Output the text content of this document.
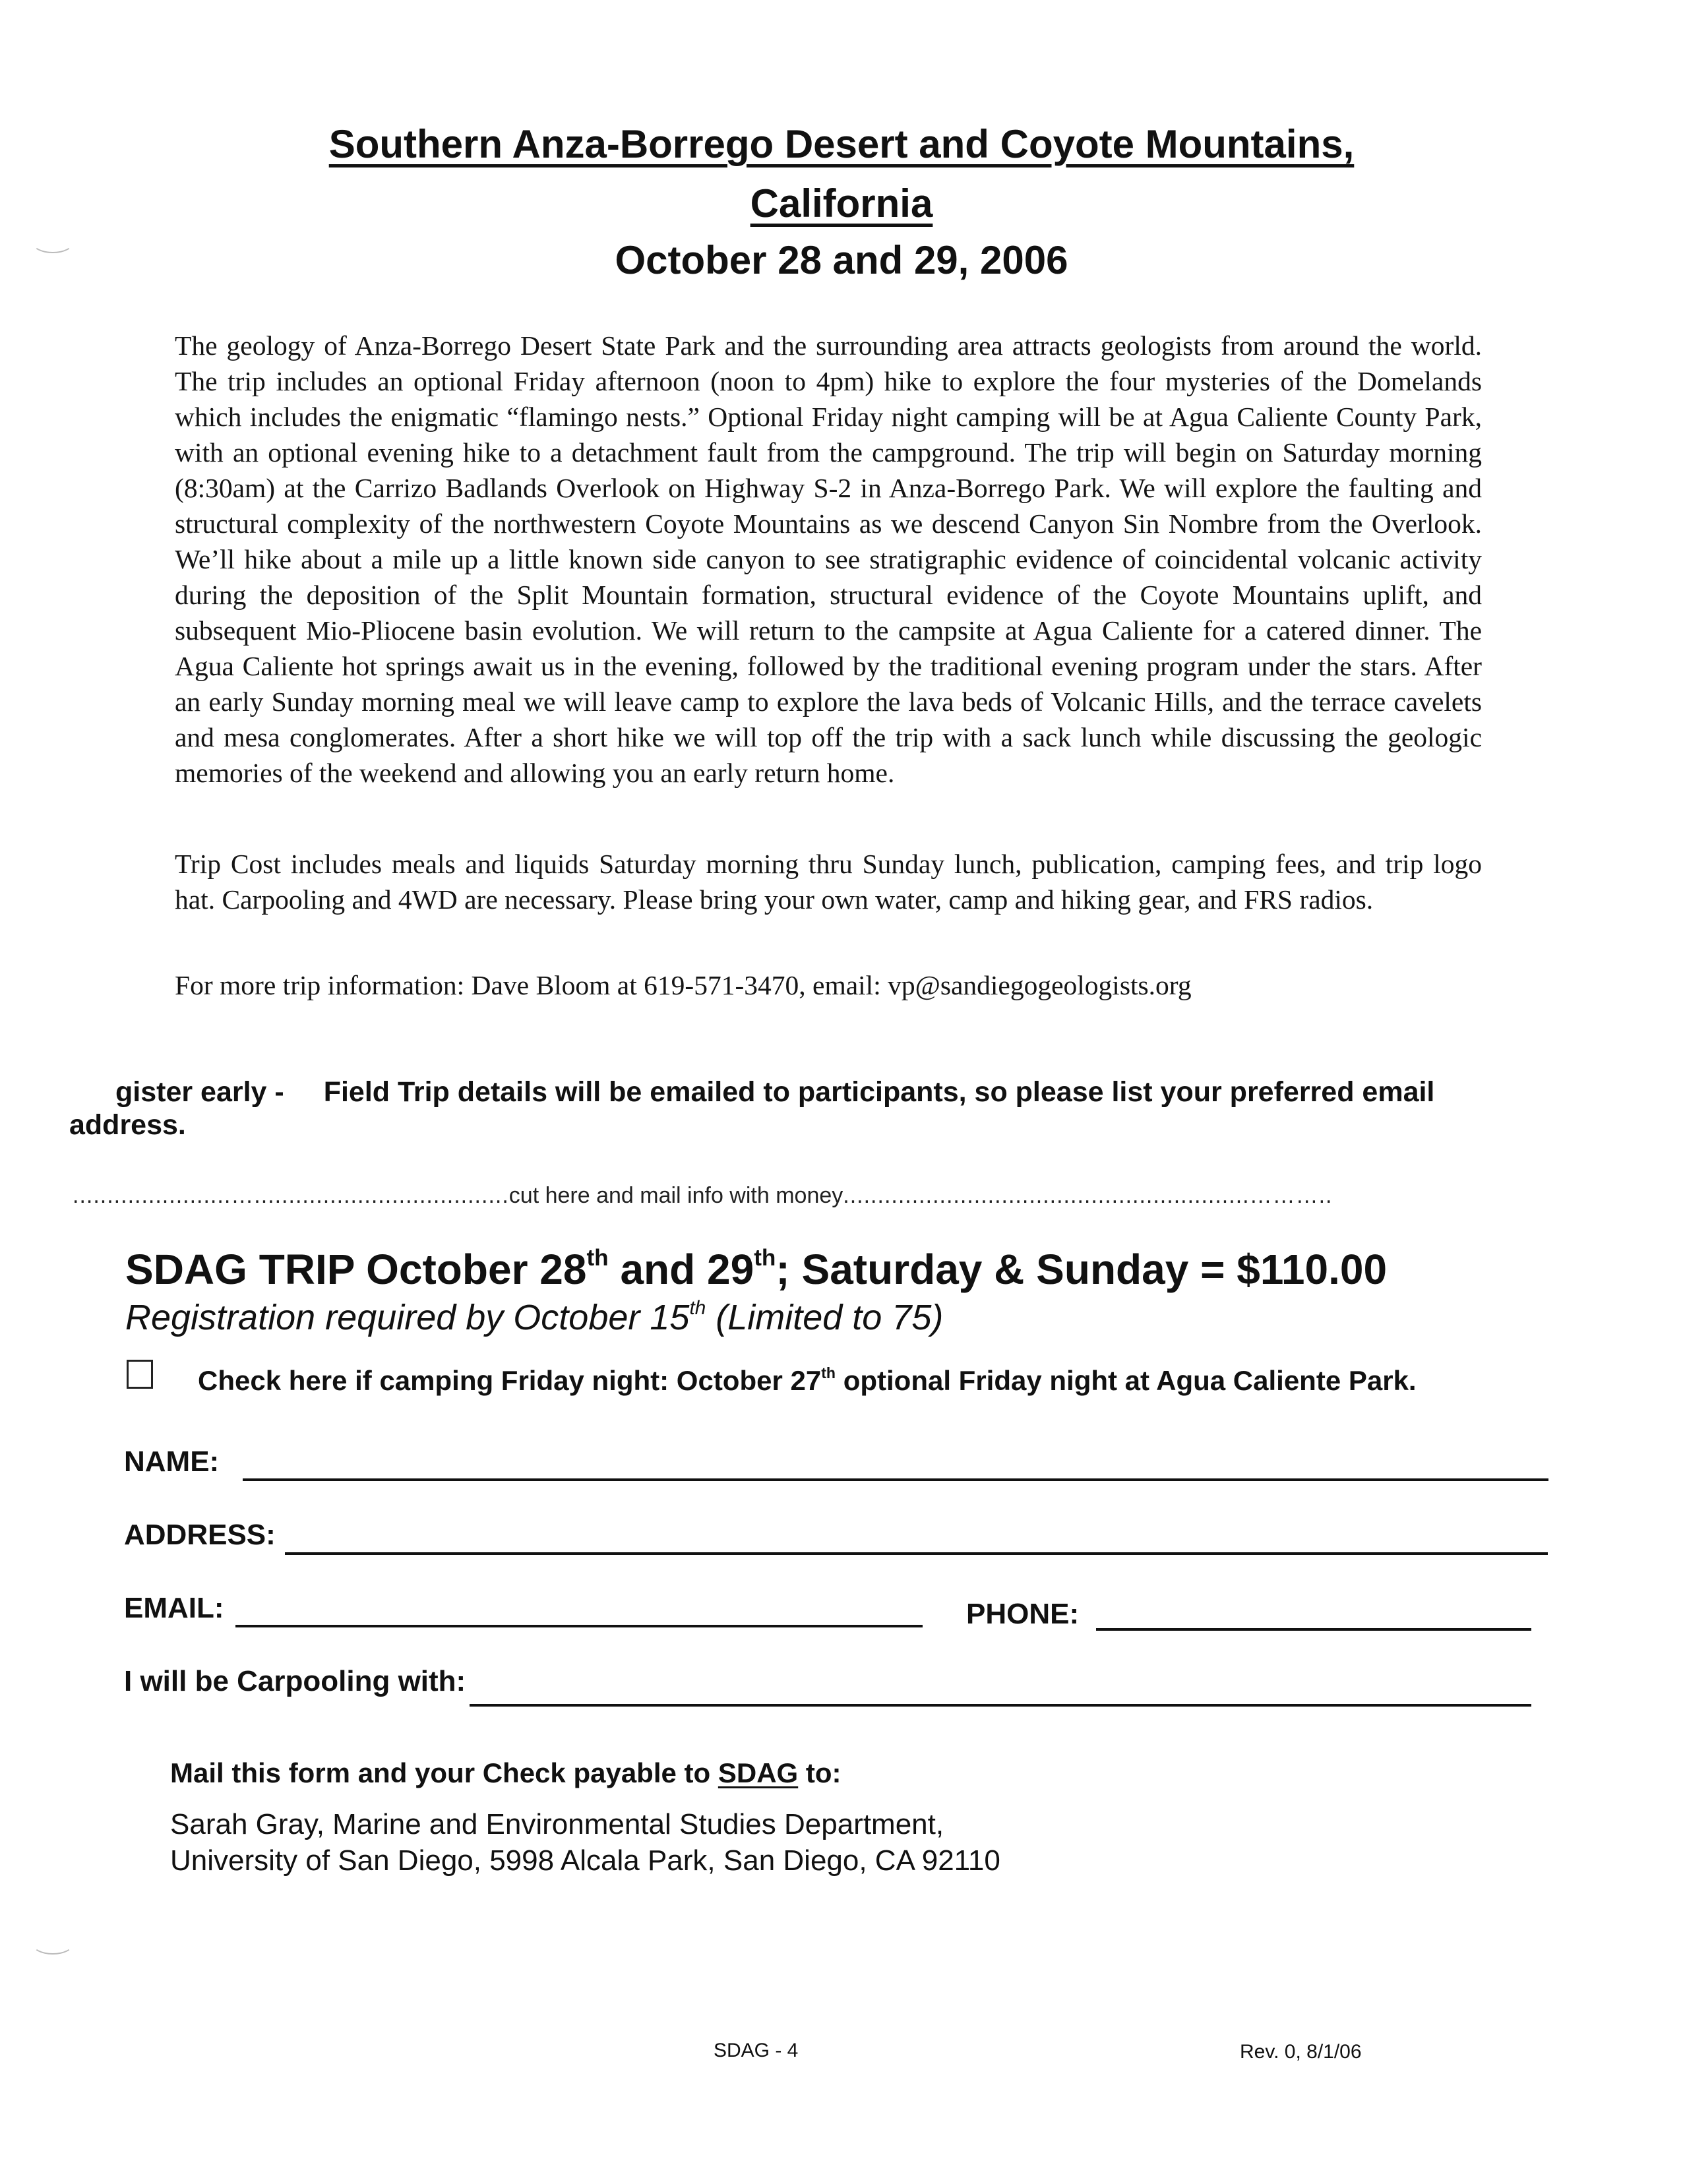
Southern Anza-Borrego Desert and Coyote Mountains,
California
October 28 and 29, 2006
The geology of Anza-Borrego Desert State Park and the surrounding area attracts geologists from around the world. The trip includes an optional Friday afternoon (noon to 4pm) hike to explore the four mysteries of the Domelands which includes the enigmatic “flamingo nests.” Optional Friday night camping will be at Agua Caliente County Park, with an optional evening hike to a detachment fault from the campground. The trip will begin on Saturday morning (8:30am) at the Carrizo Badlands Overlook on Highway S-2 in Anza-Borrego Park. We will explore the faulting and structural complexity of the northwestern Coyote Mountains as we descend Canyon Sin Nombre from the Overlook. We’ll hike about a mile up a little known side canyon to see stratigraphic evidence of coincidental volcanic activity during the deposition of the Split Mountain formation, structural evidence of the Coyote Mountains uplift, and subsequent Mio-Pliocene basin evolution. We will return to the campsite at Agua Caliente for a catered dinner. The Agua Caliente hot springs await us in the evening, followed by the traditional evening program under the stars. After an early Sunday morning meal we will leave camp to explore the lava beds of Volcanic Hills, and the terrace cavelets and mesa conglomerates. After a short hike we will top off the trip with a sack lunch while discussing the geologic memories of the weekend and allowing you an early return home.
Trip Cost includes meals and liquids Saturday morning thru Sunday lunch, publication, camping fees, and trip logo hat. Carpooling and 4WD are necessary. Please bring your own water, camp and hiking gear, and FRS radios.
For more trip information: Dave Bloom at 619-571-3470, email: vp@sandiegogeologists.org
gister early - Field Trip details will be emailed to participants, so please list your preferred email
address.
.......................….....................................cut here and mail info with money...........................................................………..
SDAG TRIP October 28th and 29th; Saturday & Sunday = $110.00
Registration required by October 15th (Limited to 75)
Check here if camping Friday night: October 27th optional Friday night at Agua Caliente Park.
NAME:
ADDRESS:
EMAIL:	PHONE:
I will be Carpooling with:
Mail this form and your Check payable to SDAG to:
Sarah Gray, Marine and Environmental Studies Department,
University of San Diego, 5998 Alcala Park, San Diego, CA 92110
SDAG - 4	Rev. 0, 8/1/06
